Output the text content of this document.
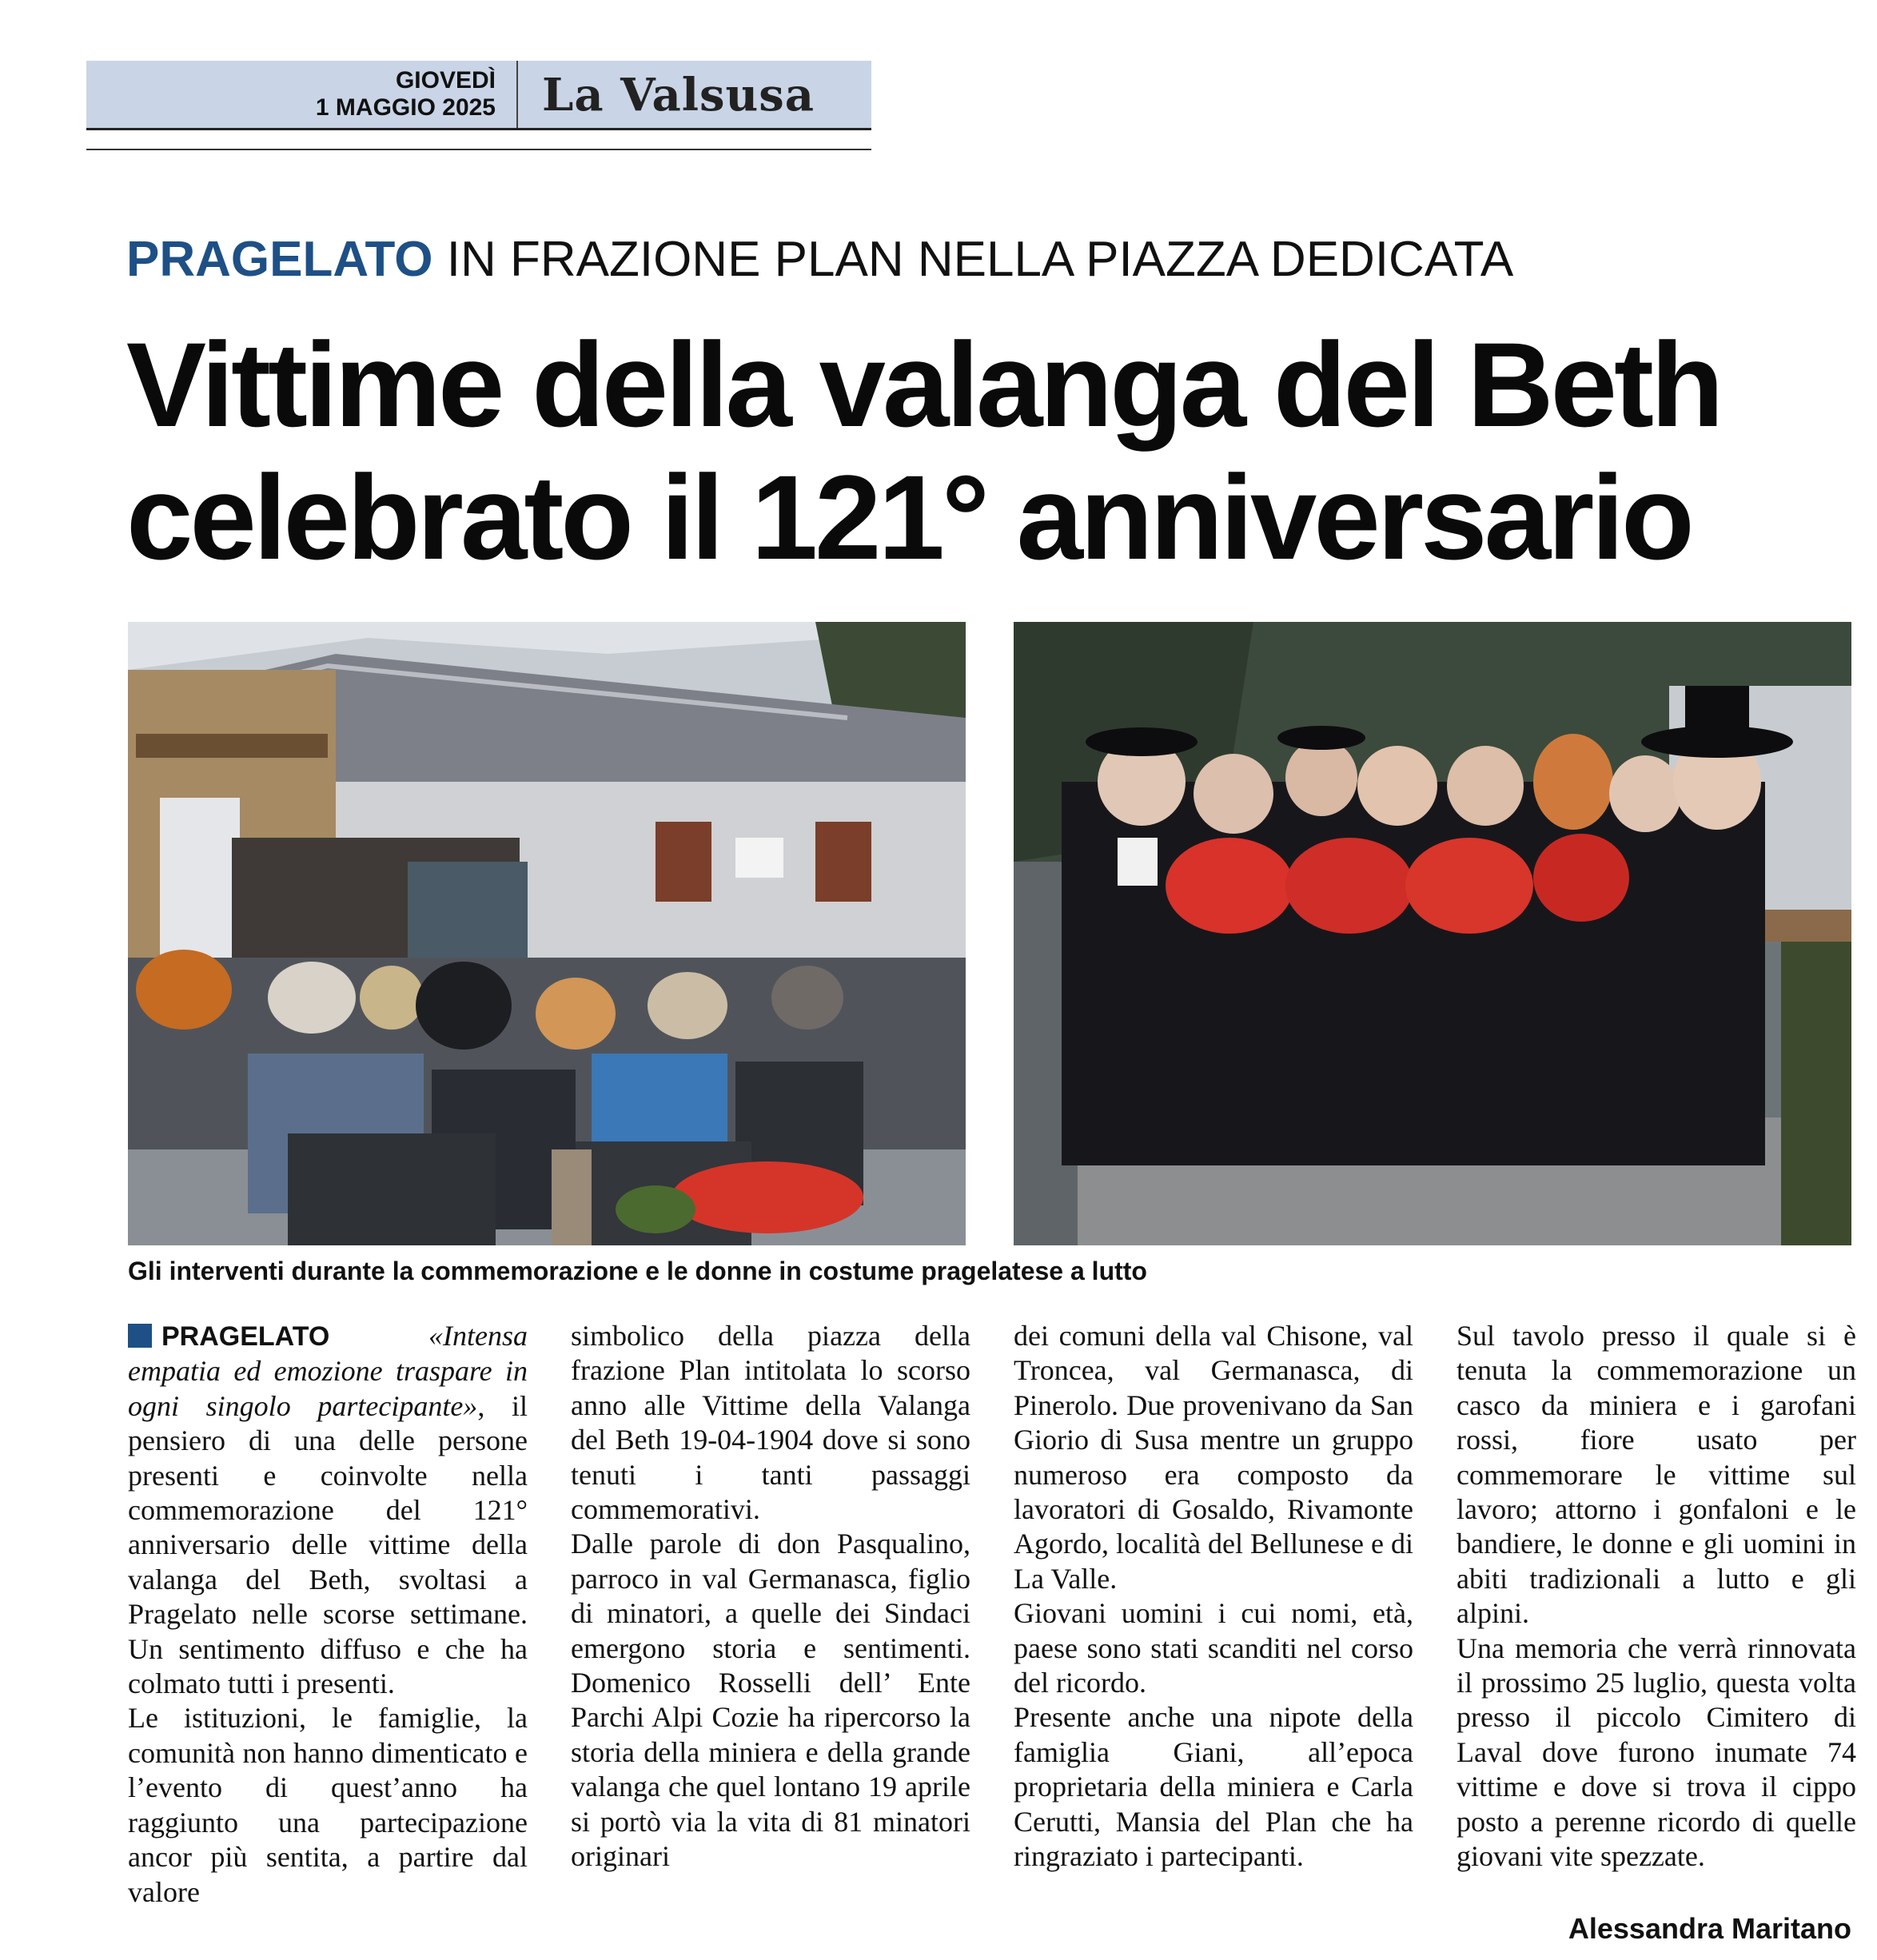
GIOVEDÌ
1 MAGGIO 2025 La Valsusa
PRAGELATO IN FRAZIONE PLAN NELLA PIAZZA DEDICATA
Vittime della valanga del Beth
celebrato il 121° anniversario
Gli interventi durante la commemorazione e le donne in costume pragelatese a lutto

PRAGELATO	«Intensa empatia ed emozione traspare in ogni singolo partecipante», il pensiero di una delle persone presenti e coinvolte nella commemorazione del 121° anniversario delle vittime della valanga del Beth, svoltasi a Pragelato nelle scorse settimane. Un sentimento diffuso e che ha colmato tutti i presenti.

Le istituzioni, le famiglie, la comunità non hanno dimenticato e l’evento di quest’anno ha raggiunto una partecipazione ancor più sentita, a partire dal valore

simbolico della piazza della frazione Plan intitolata lo scorso anno alle Vittime della Valanga del Beth 19-04-1904 dove si sono tenuti i tanti passaggi commemorativi.

Dalle parole di don Pasqualino, parroco in val Germanasca, figlio di minatori, a quelle dei Sindaci emergono storia e sentimenti. Domenico Rosselli dell’ Ente Parchi Alpi Cozie ha ripercorso la storia della miniera e della grande valanga che quel lontano 19 aprile si portò via la vita di 81 minatori originari

dei comuni della val Chisone, val Troncea, val Germanasca, di Pinerolo. Due provenivano da San Giorio di Susa mentre un gruppo numeroso era composto da lavoratori di Gosaldo, Rivamonte Agordo, località del Bellunese e di La Valle.

Giovani uomini i cui nomi, età, paese sono stati scanditi nel corso del ricordo.

Presente anche una nipote della famiglia Giani, all’epoca proprietaria della miniera e Carla Cerutti, Mansia del Plan che ha ringraziato i partecipanti.

Sul tavolo presso il quale si è tenuta la commemorazione un casco da miniera e i garofani rossi, fiore usato per commemorare le vittime sul lavoro; attorno i gonfaloni e le bandiere, le donne e gli uomini in abiti tradizionali a lutto e gli alpini.

Una memoria che verrà rinnovata il prossimo 25 luglio, questa volta presso il piccolo Cimitero di Laval dove furono inumate 74 vittime e dove si trova il cippo posto a perenne ricordo di quelle giovani vite spezzate.

Alessandra Maritano
